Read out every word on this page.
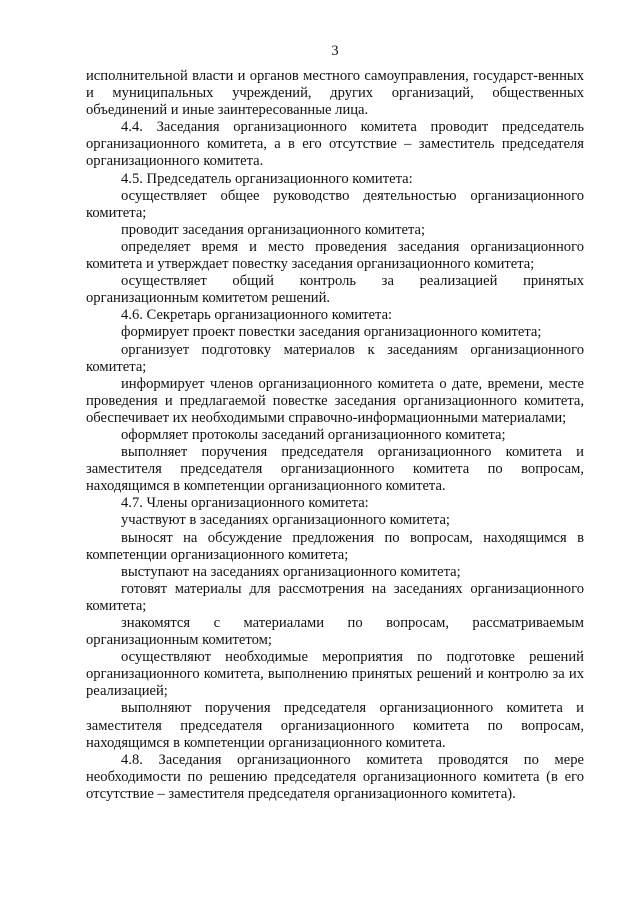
3

исполнительной власти и органов местного самоуправления, государст-венных и муниципальных учреждений, других организаций, общественных объединений и иные заинтересованные лица.

4.4. Заседания организационного комитета проводит председатель организационного комитета, а в его отсутствие – заместитель председателя организационного комитета.

4.5. Председатель организационного комитета:

осуществляет общее руководство деятельностью организационного комитета;

проводит заседания организационного комитета;

определяет время и место проведения заседания организационного комитета и утверждает повестку заседания организационного комитета;

осуществляет общий контроль за реализацией принятых организационным комитетом решений.

4.6. Секретарь организационного комитета:

формирует проект повестки заседания организационного комитета;

организует подготовку материалов к заседаниям организационного комитета;

информирует членов организационного комитета о дате, времени, месте проведения и предлагаемой повестке заседания организационного комитета, обеспечивает их необходимыми справочно-информационными материалами;

оформляет протоколы заседаний организационного комитета;

выполняет поручения председателя организационного комитета и заместителя председателя организационного комитета по вопросам, находящимся в компетенции организационного комитета.

4.7. Члены организационного комитета:

участвуют в заседаниях организационного комитета;

выносят на обсуждение предложения по вопросам, находящимся в компетенции организационного комитета;

выступают на заседаниях организационного комитета;

готовят материалы для рассмотрения на заседаниях организационного комитета;

знакомятся с материалами по вопросам, рассматриваемым организационным комитетом;

осуществляют необходимые мероприятия по подготовке решений организационного комитета, выполнению принятых решений и контролю за их реализацией;

выполняют поручения председателя организационного комитета и заместителя председателя организационного комитета по вопросам, находящимся в компетенции организационного комитета.

4.8. Заседания организационного комитета проводятся по мере необходимости по решению председателя организационного комитета (в его отсутствие – заместителя председателя организационного комитета).
